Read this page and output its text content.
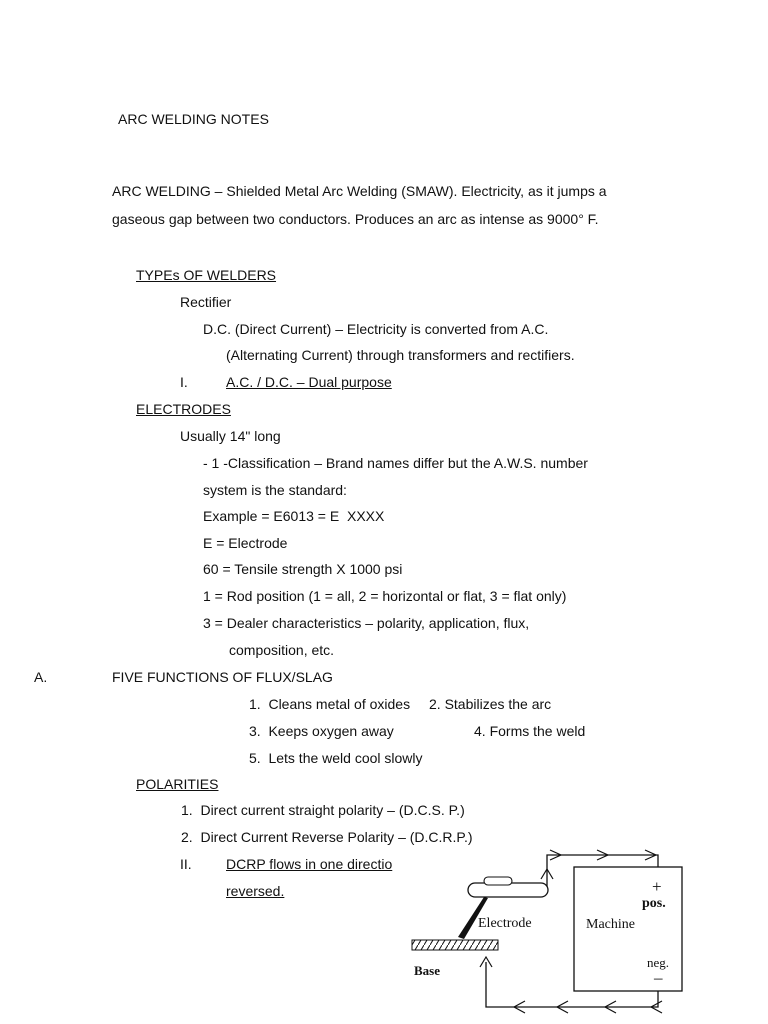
ARC WELDING NOTES
ARC WELDING – Shielded Metal Arc Welding (SMAW). Electricity, as it jumps a
gaseous gap between two conductors. Produces an arc as intense as 9000° F.
TYPEs OF WELDERS
Rectifier
D.C. (Direct Current) – Electricity is converted from A.C.
(Alternating Current) through transformers and rectifiers.
I.	A.C. / D.C. – Dual purpose
ELECTRODES
Usually 14" long
- 1 -Classification – Brand names differ but the A.W.S. number
system is the standard:
Example = E6013 = E  XXXX
E = Electrode
60 = Tensile strength X 1000 psi
1 = Rod position (1 = all, 2 = horizontal or flat, 3 = flat only)
3 = Dealer characteristics – polarity, application, flux,
composition, etc.
A.	FIVE FUNCTIONS OF FLUX/SLAG
1.  Cleans metal of oxides 2. Stabilizes the arc
3.  Keeps oxygen away	4. Forms the weld
5.  Lets the weld cool slowly
POLARITIES
1.  Direct current straight polarity – (D.C.S. P.)
2.  Direct Current Reverse Polarity – (D.C.R.P.)
II. DCRP flows in one directio
reversed.
Electrode
Base
Machine
+
pos.
neg.
–
